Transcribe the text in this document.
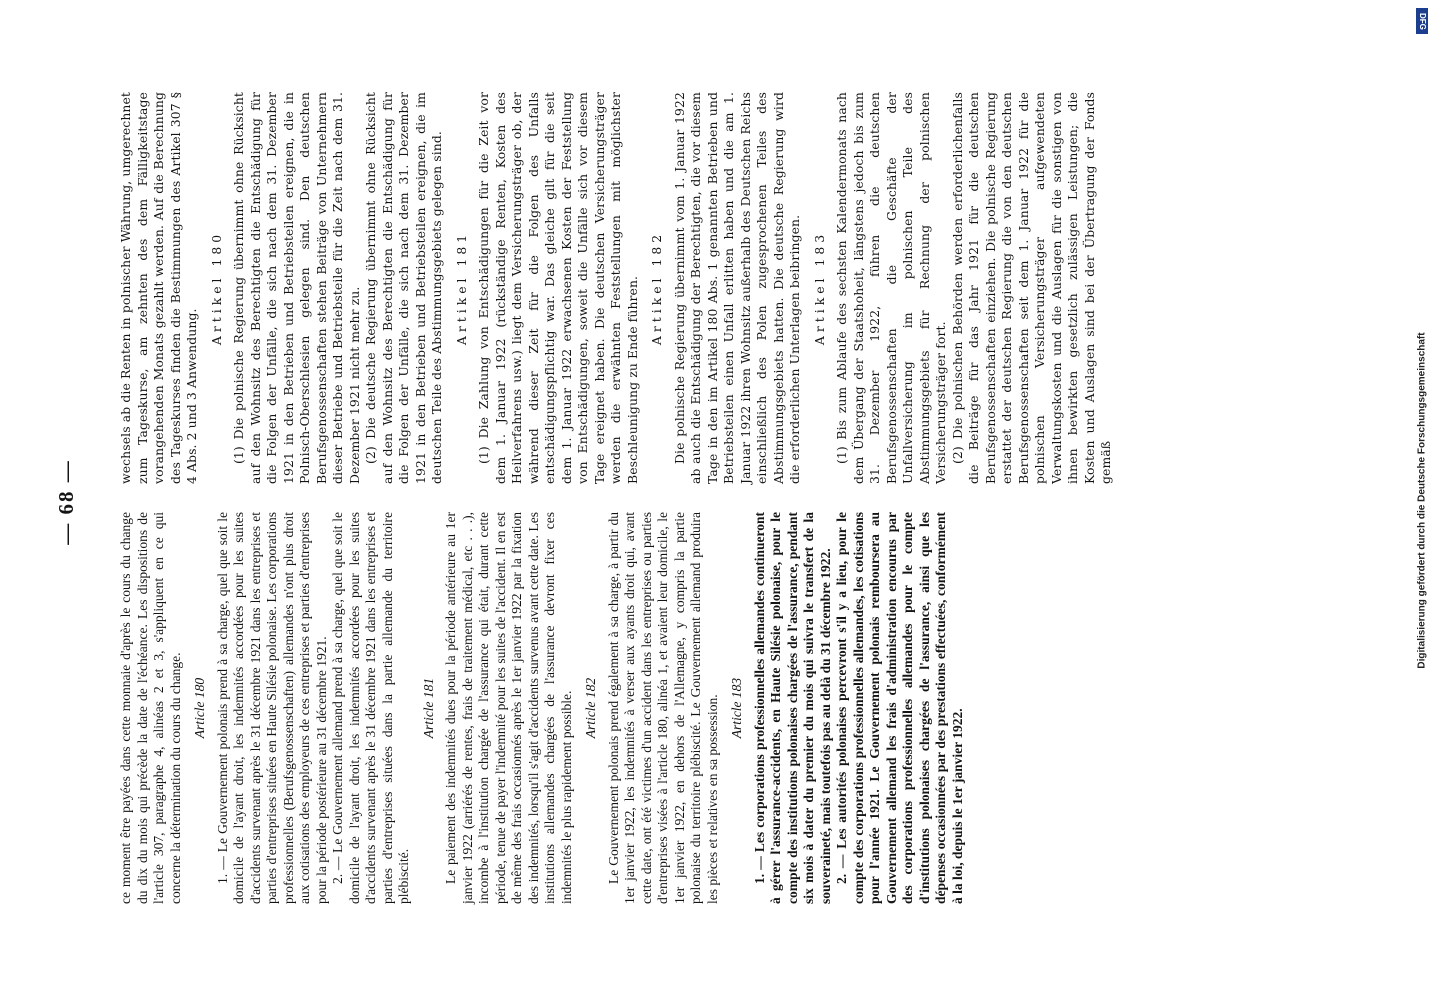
— 68 —

ce moment être payées dans cette monnaie d'après le cours du change du dix du mois qui précède la date de l'échéance. Les dispositions de l'article 307, paragraphe 4, alinéas 2 et 3, s'appliquent en ce qui concerne la détermination du cours du change. Article 180 1. — Le Gouvernement polonais prend à sa charge, quel que soit le domicile de l'ayant droit, les indemnités accordées pour les suites d'accidents survenant après le 31 décembre 1921 dans les entreprises et parties d'entreprises situées en Haute Silésie polonaise. Les corporations professionnelles (Berufsgenossenschaften) allemandes n'ont plus droit aux cotisations des employeurs de ces entreprises et parties d'entreprises pour la période postérieure au 31 décembre 1921. 2. — Le Gouvernement allemand prend à sa charge, quel que soit le domicile de l'ayant droit, les indemnités accordées pour les suites d'accidents survenant après le 31 décembre 1921 dans les entreprises et parties d'entreprises situées dans la partie allemande du territoire plébiscité.

Article 181 Le paiement des indemnités dues pour la période antérieure au 1er janvier 1922 (arriérés de rentes, frais de traitement médical, etc . . .), incombe à l'institution chargée de l'assurance qui était, durant cette période, tenue de payer l'indemnité pour les suites de l'accident. Il en est de même des frais occasionnés après le 1er janvier 1922 par la fixation des indemnités, lorsqu'il s'agit d'accidents survenus avant cette date. Les institutions allemandes chargées de l'assurance devront fixer ces indemnités le plus rapidement possible. Article 182 Le Gouvernement polonais prend également à sa charge, à partir du 1er janvier 1922, les indemnités à verser aux ayants droit qui, avant cette date, ont été victimes d'un accident dans les entreprises ou parties d'entreprises visées à l'article 180, alinéa 1, et avaient leur domicile, le 1er janvier 1922, en dehors de l'Allemagne, y compris la partie polonaise du territoire plébiscité. Le Gouvernement allemand produira les pièces et relatives en sa possession. Article 183 1. — Les corporations professionnelles allemandes continueront à gérer l'assurance-accidents, en Haute Silésie polonaise, pour le compte des institutions polonaises chargées de l'assurance, pendant six mois à dater du premier du mois qui suivra le transfert de la souveraineté, mais toutefois pas au delà du 31 décembre 1922. 2. — Les autorités polonaises percevront s'il y a lieu, pour le compte des corporations professionnelles allemandes, les cotisations pour l'année 1921. Le Gouvernement polonais remboursera au Gouvernement allemand les frais d'administration encourus par des corporations professionnelles allemandes pour le compte d'institutions polonaises chargées de l'assurance, ainsi que les dépenses occasionnées par des prestations effectuées, conformément à la loi, depuis le 1er janvier 1922.

wechsels ab die Renten in polnischer Währung, umgerechnet zum Tageskurse, am zehnten des dem Fälligkeitstage vorangehenden Monats gezahlt werden. Auf die Berechnung des Tageskurses finden die Bestimmungen des Artikel 307 § 4 Abs. 2 und 3 Anwendung.

Artikel 180 (1) Die polnische Regierung übernimmt ohne Rücksicht auf den Wohnsitz des Berechtigten die Entschädigung für die Folgen der Unfälle, die sich nach dem 31. Dezember 1921 in den Betrieben und Betriebsteilen ereignen, die in Polnisch-Oberschlesien gelegen sind. Den deutschen Berufsgenossenschaften stehen Beiträge von Unternehmern dieser Betriebe und Betriebsteile für die Zeit nach dem 31. Dezember 1921 nicht mehr zu. (2) Die deutsche Regierung übernimmt ohne Rücksicht auf den Wohnsitz des Berechtigten die Entschädigung für die Folgen der Unfälle, die sich nach dem 31. Dezember 1921 in den Betrieben und Betriebsteilen ereignen, die im deutschen Teile des Abstimmungsgebiets gelegen sind. Artikel 181 (1) Die Zahlung von Entschädigungen für die Zeit vor dem 1. Januar 1922 (rückständige Renten, Kosten des Heilverfahrens usw.) liegt dem Versicherungsträger ob, der während dieser Zeit für die Folgen des Unfalls entschädigungspflichtig war. Das gleiche gilt für die seit dem 1. Januar 1922 erwachsenen Kosten der Feststellung von Entschädigungen, soweit die Unfälle sich vor diesem Tage ereignet haben. Die deutschen Versicherungsträger werden die erwähnten Feststellungen mit möglichster Beschleunigung zu Ende führen. Artikel 182 Die polnische Regierung übernimmt vom 1. Januar 1922 ab auch die Entschädigung der Berechtigten, die vor diesem Tage in den im Artikel 180 Abs. 1 genannten Betrieben und Betriebsteilen einen Unfall erlitten haben und die am 1. Januar 1922 ihren Wohnsitz außerhalb des Deutschen Reichs einschließlich des Polen zugesprochenen Teiles des Abstimmungsgebiets hatten. Die deutsche Regierung wird die erforderlichen Unterlagen beibringen. Artikel 183 (1) Bis zum Ablaufe des sechsten Kalendermonats nach dem Übergang der Staatshoheit, längstens jedoch bis zum 31. Dezember 1922, führen die deutschen Berufsgenossenschaften die Geschäfte der Unfallversicherung im polnischen Teile des Abstimmungsgebiets für Rechnung der polnischen Versicherungsträger fort. (2) Die polnischen Behörden werden erforderlichenfalls die Beiträge für das Jahr 1921 für die deutschen Berufsgenossenschaften einziehen. Die polnische Regierung erstattet der deutschen Regierung die von den deutschen Berufsgenossenschaften seit dem 1. Januar 1922 für die polnischen Versicherungsträger aufgewendeten Verwaltungskosten und die Auslagen für die sonstigen von ihnen bewirkten gesetzlich zulässigen Leistungen; die Kosten und Auslagen sind bei der Übertragung der Fonds gemäß

DFG
Digitalisierung gefördert durch die Deutsche Forschungsgemeinschaft
